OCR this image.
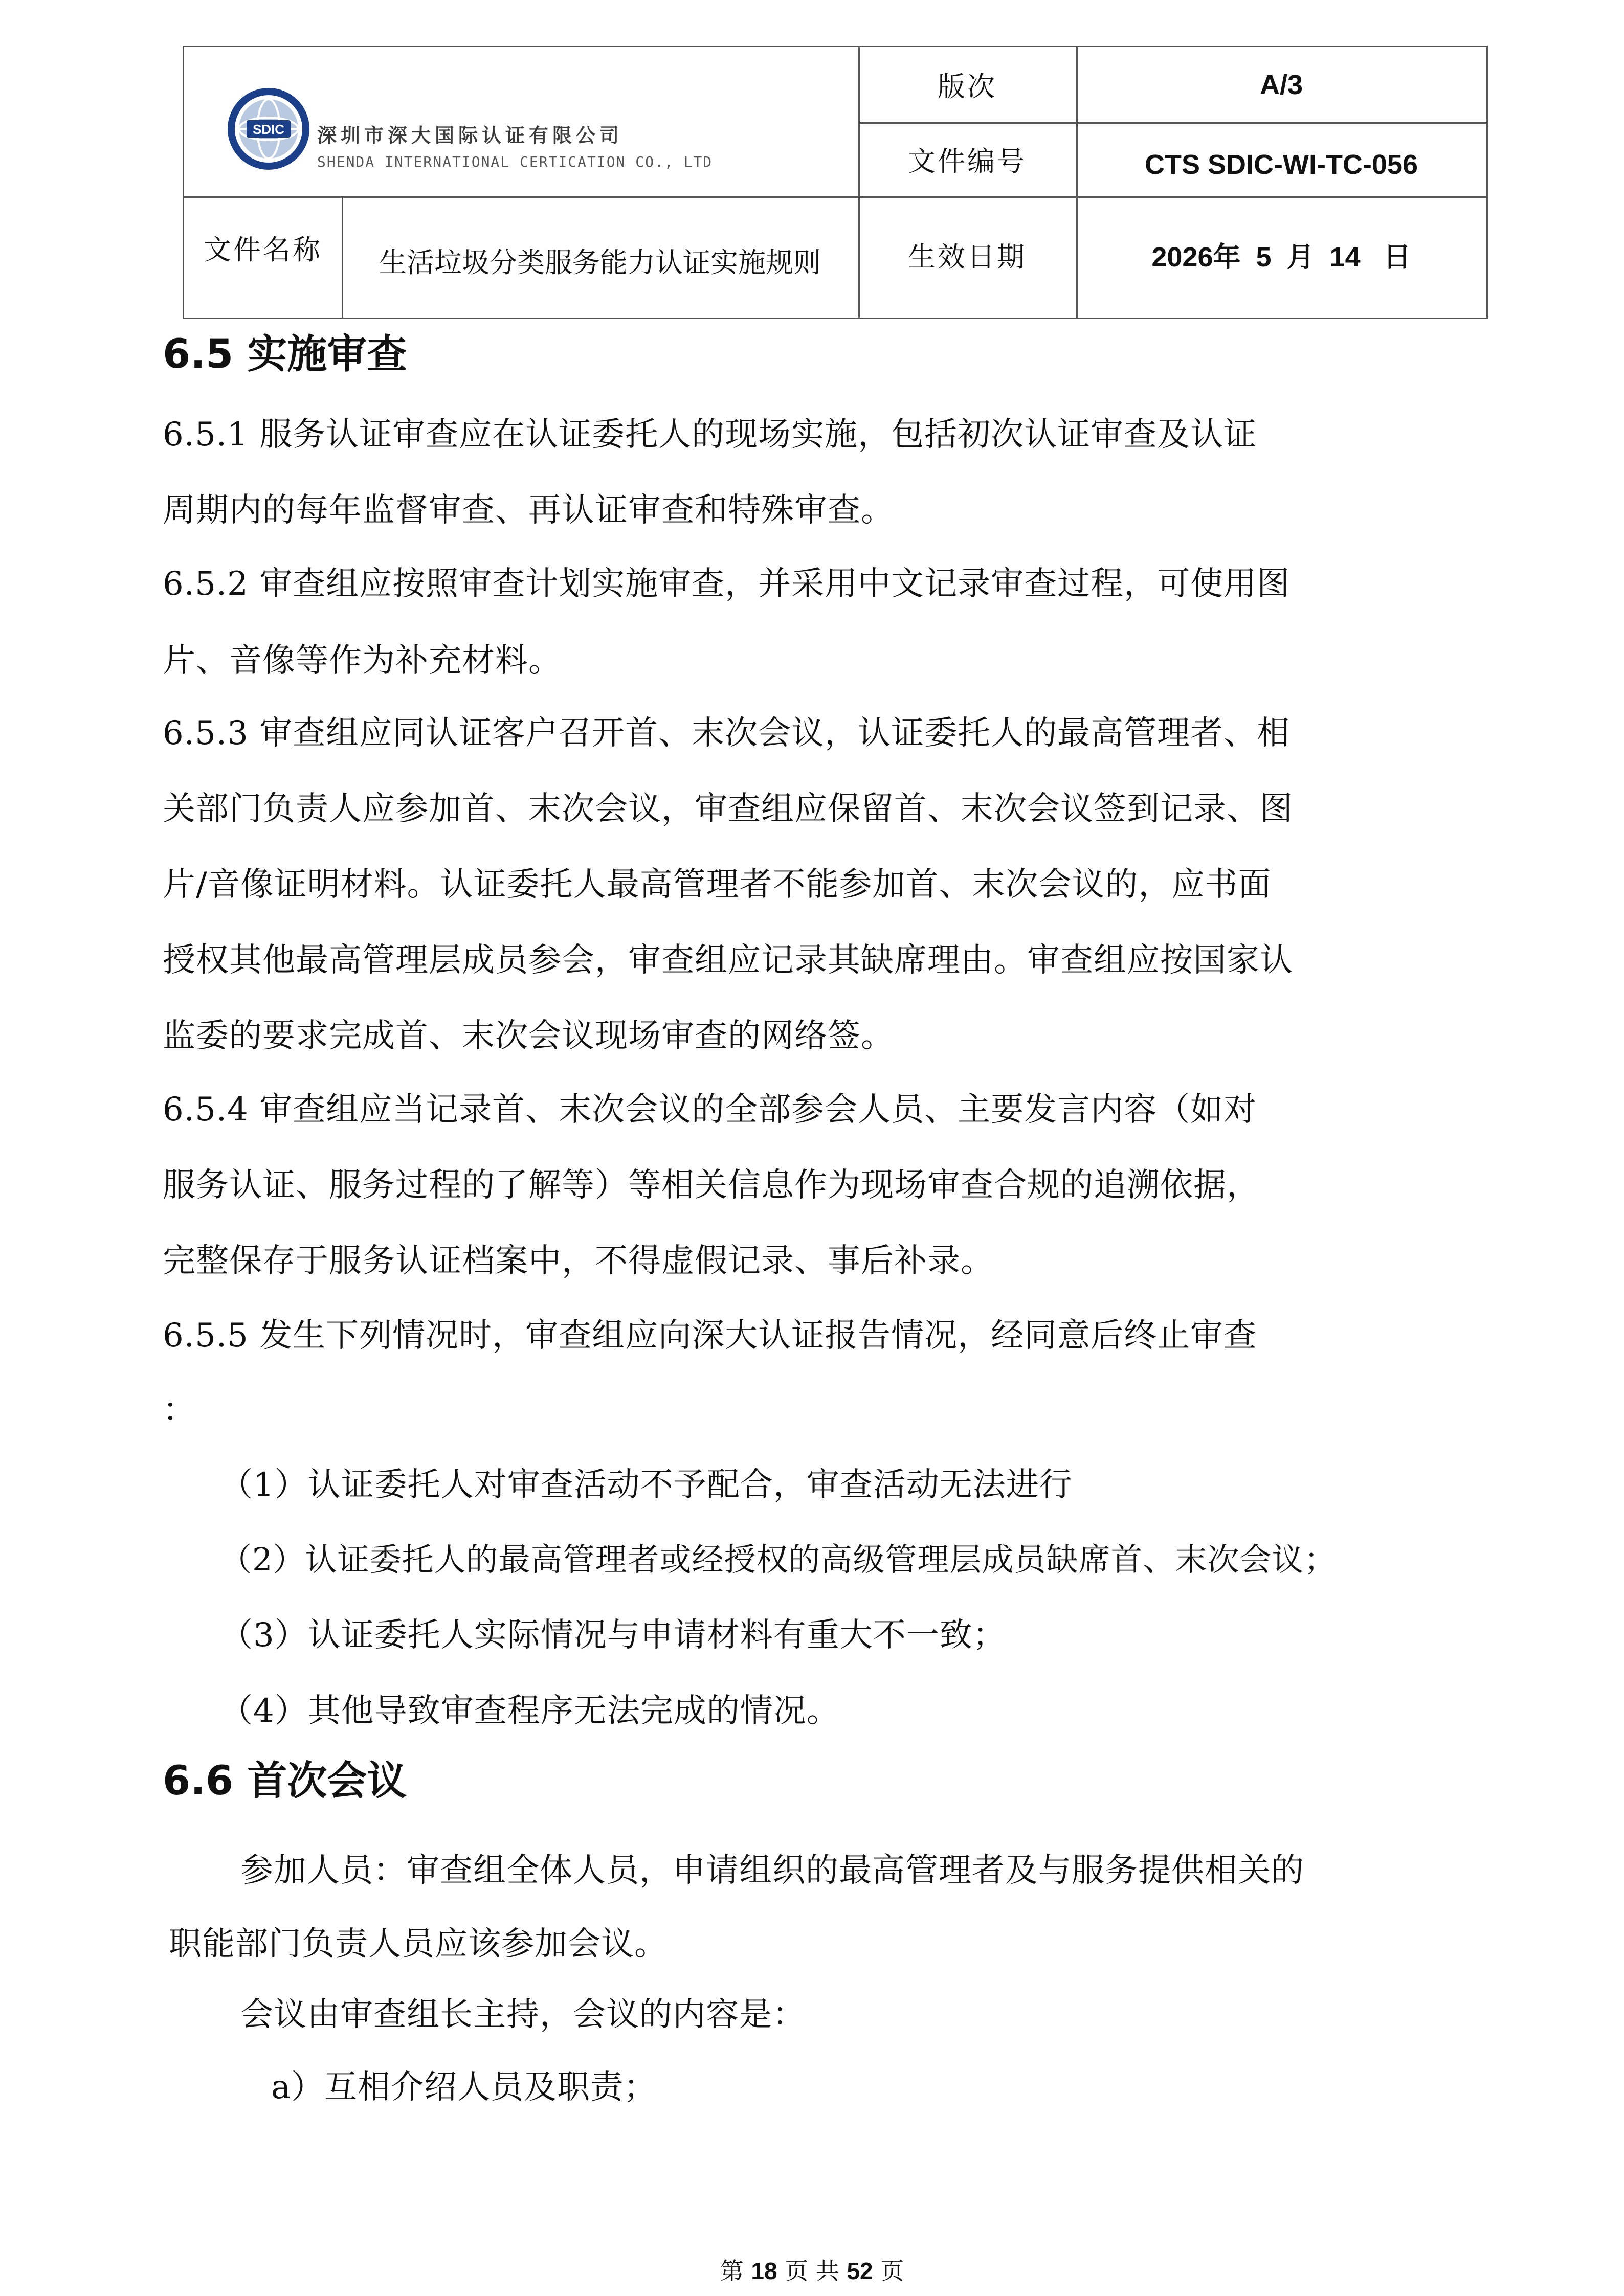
SDIC 深圳市深大国际认证有限公司
SHENDA INTERNATIONAL CERTICATION CO., LTD
版次	A/3
文件编号	CTS SDIC-WI-TC-056
文件名称	生活垃圾分类服务能力认证实施规则	生效日期	2026年  5  月  14   日
6.5 实施审查
6.5.1 服务认证审查应在认证委托人的现场实施，包括初次认证审查及认证
周期内的每年监督审查、再认证审查和特殊审查。
6.5.2 审查组应按照审查计划实施审查，并采用中文记录审查过程，可使用图
片、音像等作为补充材料。
6.5.3 审查组应同认证客户召开首、末次会议，认证委托人的最高管理者、相
关部门负责人应参加首、末次会议，审查组应保留首、末次会议签到记录、图
片/音像证明材料。认证委托人最高管理者不能参加首、末次会议的，应书面
授权其他最高管理层成员参会，审查组应记录其缺席理由。审查组应按国家认
监委的要求完成首、末次会议现场审查的网络签。
6.5.4 审查组应当记录首、末次会议的全部参会人员、主要发言内容（如对
服务认证、服务过程的了解等）等相关信息作为现场审查合规的追溯依据，
完整保存于服务认证档案中，不得虚假记录、事后补录。
6.5.5 发生下列情况时，审查组应向深大认证报告情况，经同意后终止审查
：
（1）认证委托人对审查活动不予配合，审查活动无法进行
（2）认证委托人的最高管理者或经授权的高级管理层成员缺席首、末次会议；
（3）认证委托人实际情况与申请材料有重大不一致；
（4）其他导致审查程序无法完成的情况。
6.6 首次会议
参加人员：审查组全体人员，申请组织的最高管理者及与服务提供相关的
职能部门负责人员应该参加会议。
会议由审查组长主持，会议的内容是：
a）互相介绍人员及职责；
第 18 页 共 52 页
